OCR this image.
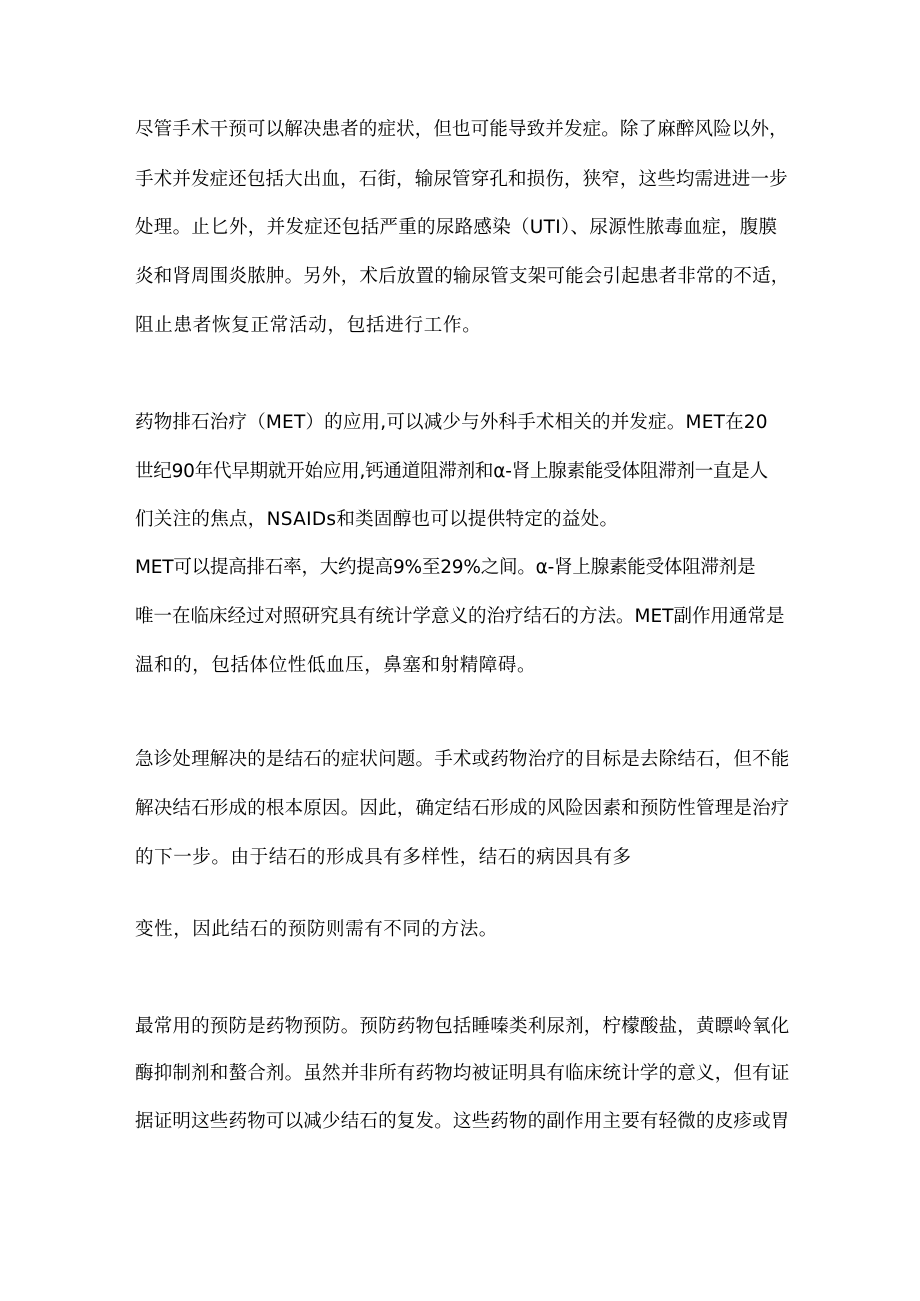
尽管手术干预可以解决患者的症状，但也可能导致并发症。除了麻醉风险以外，

手术并发症还包括大出血，石街，输尿管穿孔和损伤，狭窄，这些均需进进一步

处理。止匕外，并发症还包括严重的尿路感染（UTI）、尿源性脓毒血症，腹膜

炎和肾周围炎脓肿。另外，术后放置的输尿管支架可能会引起患者非常的不适，

阻止患者恢复正常活动，包括进行工作。

药物排石治疗（MET）的应用,可以减少与外科手术相关的并发症。MET在20

世纪90年代早期就开始应用,钙通道阻滞剂和α-肾上腺素能受体阻滞剂一直是人

们关注的焦点，NSAIDs和类固醇也可以提供特定的益处。

MET可以提高排石率，大约提高9%至29%之间。α-肾上腺素能受体阻滞剂是

唯一在临床经过对照研究具有统计学意义的治疗结石的方法。MET副作用通常是

温和的，包括体位性低血压，鼻塞和射精障碍。

急诊处理解决的是结石的症状问题。手术或药物治疗的目标是去除结石，但不能

解决结石形成的根本原因。因此，确定结石形成的风险因素和预防性管理是治疗

的下一步。由于结石的形成具有多样性，结石的病因具有多

变性，因此结石的预防则需有不同的方法。

最常用的预防是药物预防。预防药物包括睡嗪类利尿剂，柠檬酸盐，黄瞟岭氧化

酶抑制剂和螯合剂。虽然并非所有药物均被证明具有临床统计学的意义，但有证

据证明这些药物可以减少结石的复发。这些药物的副作用主要有轻微的皮疹或胃
